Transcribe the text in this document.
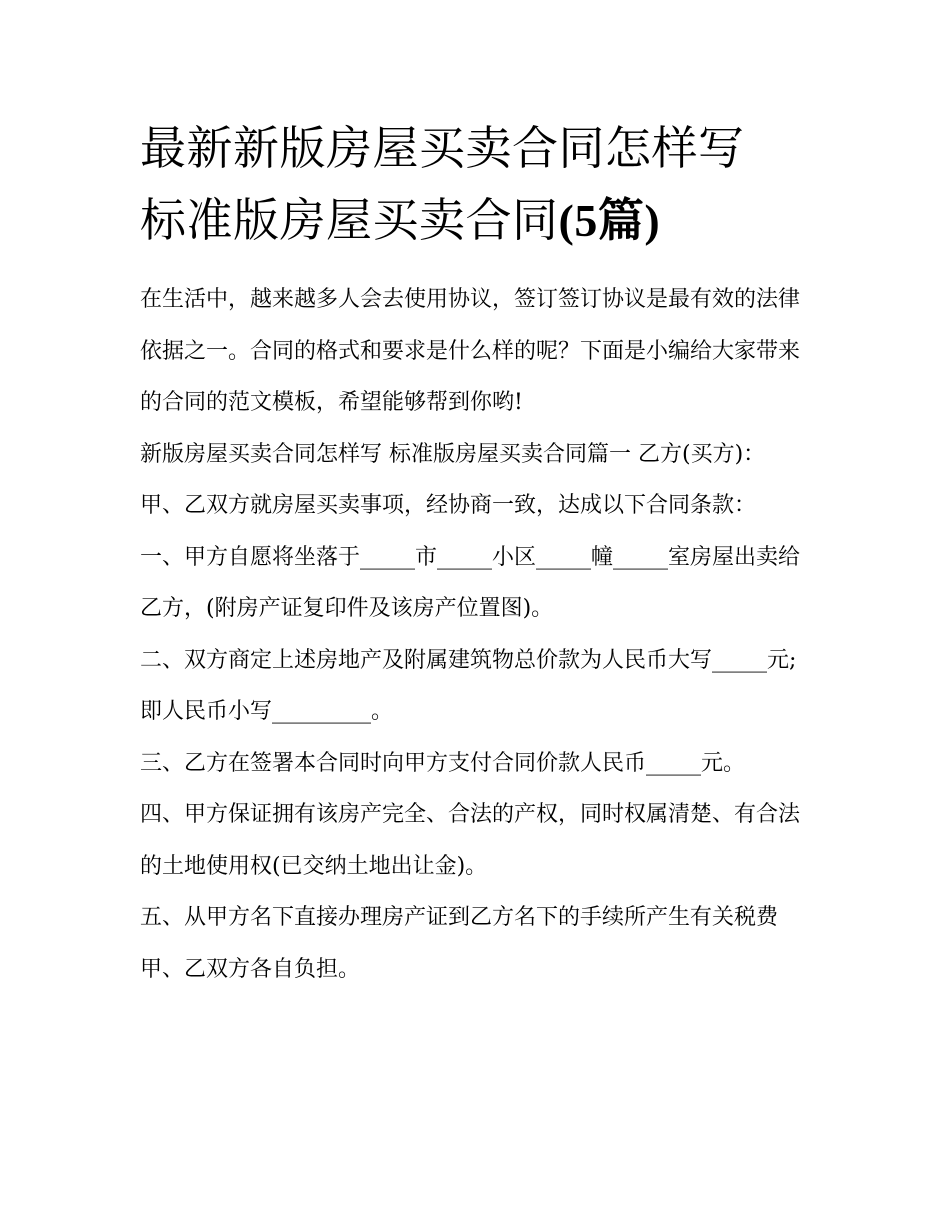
最新新版房屋买卖合同怎样写
标准版房屋买卖合同(5篇)

在生活中，越来越多人会去使用协议，签订签订协议是最有效的法律依据之一。合同的格式和要求是什么样的呢？下面是小编给大家带来的合同的范文模板，希望能够帮到你哟!

新版房屋买卖合同怎样写 标准版房屋买卖合同篇一 乙方(买方)： 甲、乙双方就房屋买卖事项，经协商一致，达成以下合同条款：

一、甲方自愿将坐落于_____市_____小区_____幢_____室房屋出卖给乙方，(附房产证复印件及该房产位置图)。

二、双方商定上述房地产及附属建筑物总价款为人民币大写_____元;即人民币小写_________。

三、乙方在签署本合同时向甲方支付合同价款人民币_____元。

四、甲方保证拥有该房产完全、合法的产权，同时权属清楚、有合法的土地使用权(已交纳土地出让金)。

五、从甲方名下直接办理房产证到乙方名下的手续所产生有关税费甲、乙双方各自负担。
